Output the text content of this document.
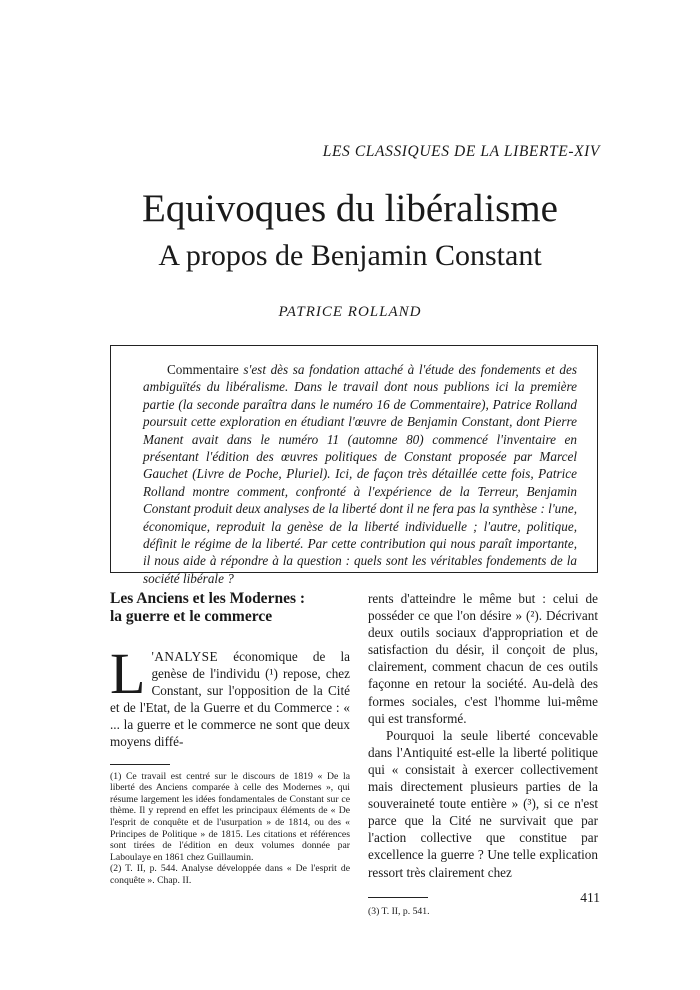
LES CLASSIQUES DE LA LIBERTE-XIV
Equivoques du libéralisme
A propos de Benjamin Constant
PATRICE ROLLAND

Commentaire s'est dès sa fondation attaché à l'étude des fondements et des ambiguïtés du libéralisme. Dans le travail dont nous publions ici la première partie (la seconde paraîtra dans le numéro 16 de Commentaire), Patrice Rolland poursuit cette exploration en étudiant l'œuvre de Benjamin Constant, dont Pierre Manent avait dans le numéro 11 (automne 80) commencé l'inventaire en présentant l'édition des œuvres politiques de Constant proposée par Marcel Gauchet (Livre de Poche, Pluriel). Ici, de façon très détaillée cette fois, Patrice Rolland montre comment, confronté à l'expérience de la Terreur, Benjamin Constant produit deux analyses de la liberté dont il ne fera pas la synthèse : l'une, économique, reproduit la genèse de la liberté individuelle ; l'autre, politique, définit le régime de la liberté. Par cette contribution qui nous paraît importante, il nous aide à répondre à la question : quels sont les véritables fondements de la société libérale ?

Les Anciens et les Modernes :
la guerre et le commerce

L 'ANALYSE économique de la genèse de l'individu (¹) repose, chez Constant, sur l'opposition de la Cité et de l'Etat, de la Guerre et du Commerce : « ... la guerre et le commerce ne sont que deux moyens diffé-

(1) Ce travail est centré sur le discours de 1819 « De la liberté des Anciens comparée à celle des Modernes », qui résume largement les idées fondamentales de Constant sur ce thème. Il y reprend en effet les principaux éléments de « De l'esprit de conquête et de l'usurpation » de 1814, ou des « Principes de Politique » de 1815. Les citations et références sont tirées de l'édition en deux volumes donnée par Laboulaye en 1861 chez Guillaumin.

(2) T. II, p. 544. Analyse développée dans « De l'esprit de conquête ». Chap. II.

rents d'atteindre le même but : celui de posséder ce que l'on désire » (²). Décrivant deux outils sociaux d'appropriation et de satisfaction du désir, il conçoit de plus, clairement, comment chacun de ces outils façonne en retour la société. Au-delà des formes sociales, c'est l'homme lui-même qui est transformé.

Pourquoi la seule liberté concevable dans l'Antiquité est-elle la liberté politique qui « consistait à exercer collectivement mais directement plusieurs parties de la souveraineté toute entière » (³), si ce n'est parce que la Cité ne survivait que par l'action collective que constitue par excellence la guerre ? Une telle explication ressort très clairement chez

(3) T. II, p. 541.

411
